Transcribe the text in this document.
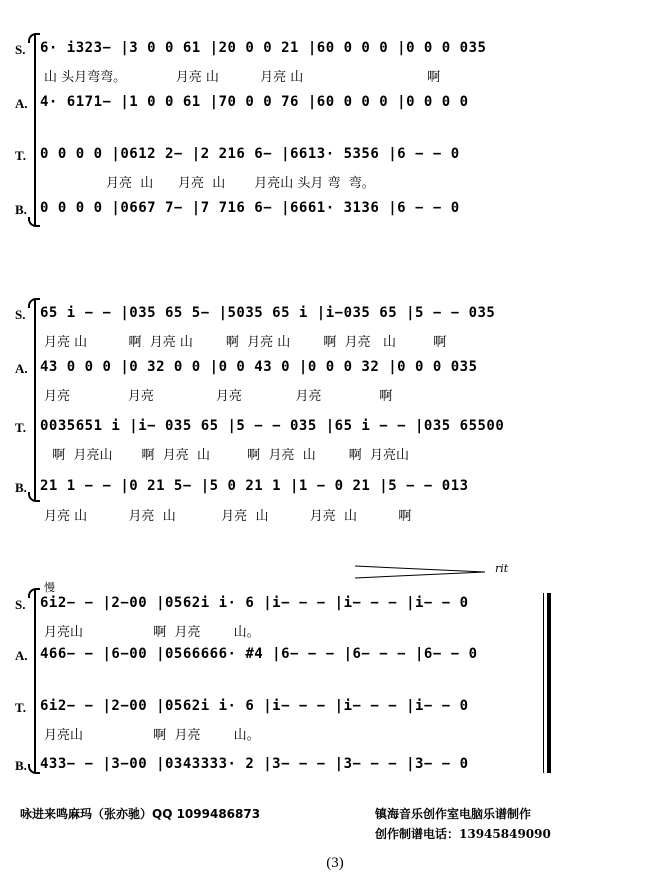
S. 6· i323− |3 0 0 61 |20 0 0 21 |60 0 0 0 |0 0 0 035
山 头月弯弯。            月亮 山          月亮 山                              啊
A. 4· 6171− |1 0 0 61 |70 0 0 76 |60 0 0 0 |0 0 0 0
T. 0 0 0 0 |0612 2− |2 216 6− |6613· 5356 |6 − − 0
月亮  山      月亮  山       月亮山 头月 弯  弯。
B. 0 0 0 0 |0667 7− |7 716 6− |6661· 3136 |6 − − 0
S. 65 i − − |035 65 5− |5035 65 i |i−035 65 |5 − − 035
月亮 山          啊  月亮 山        啊  月亮 山        啊  月亮   山         啊
A. 43 0 0 0 |0 32 0 0 |0 0 43 0 |0 0 0 32 |0 0 0 035
月亮              月亮               月亮             月亮              啊
T. 0035651 i |i− 035 65 |5 − − 035 |65 i − − |035 65500
啊  月亮山       啊  月亮  山         啊  月亮  山        啊  月亮山
B. 21 1 − − |0 21 5− |5 0 21 1 |1 − 0 21 |5 − − 013
月亮 山          月亮  山           月亮  山          月亮  山          啊
慢
S. 6i2− − |2−00 |0562i i· 6 |i− − − |i− − − |i− − 0
月亮山                 啊  月亮        山。
A. 466− − |6−00 |0566666· #4 |6− − − |6− − − |6− − 0
T. 6i2− − |2−00 |0562i i· 6 |i− − − |i− − − |i− − 0
月亮山                 啊  月亮        山。
B. 433− − |3−00 |0343333· 2 |3− − − |3− − − |3− − 0
rit
咏进来鸣麻玛（张亦驰）QQ 1099486873	镇海音乐创作室电脑乐谱制作
创作制谱电话：13945849090
(3)
